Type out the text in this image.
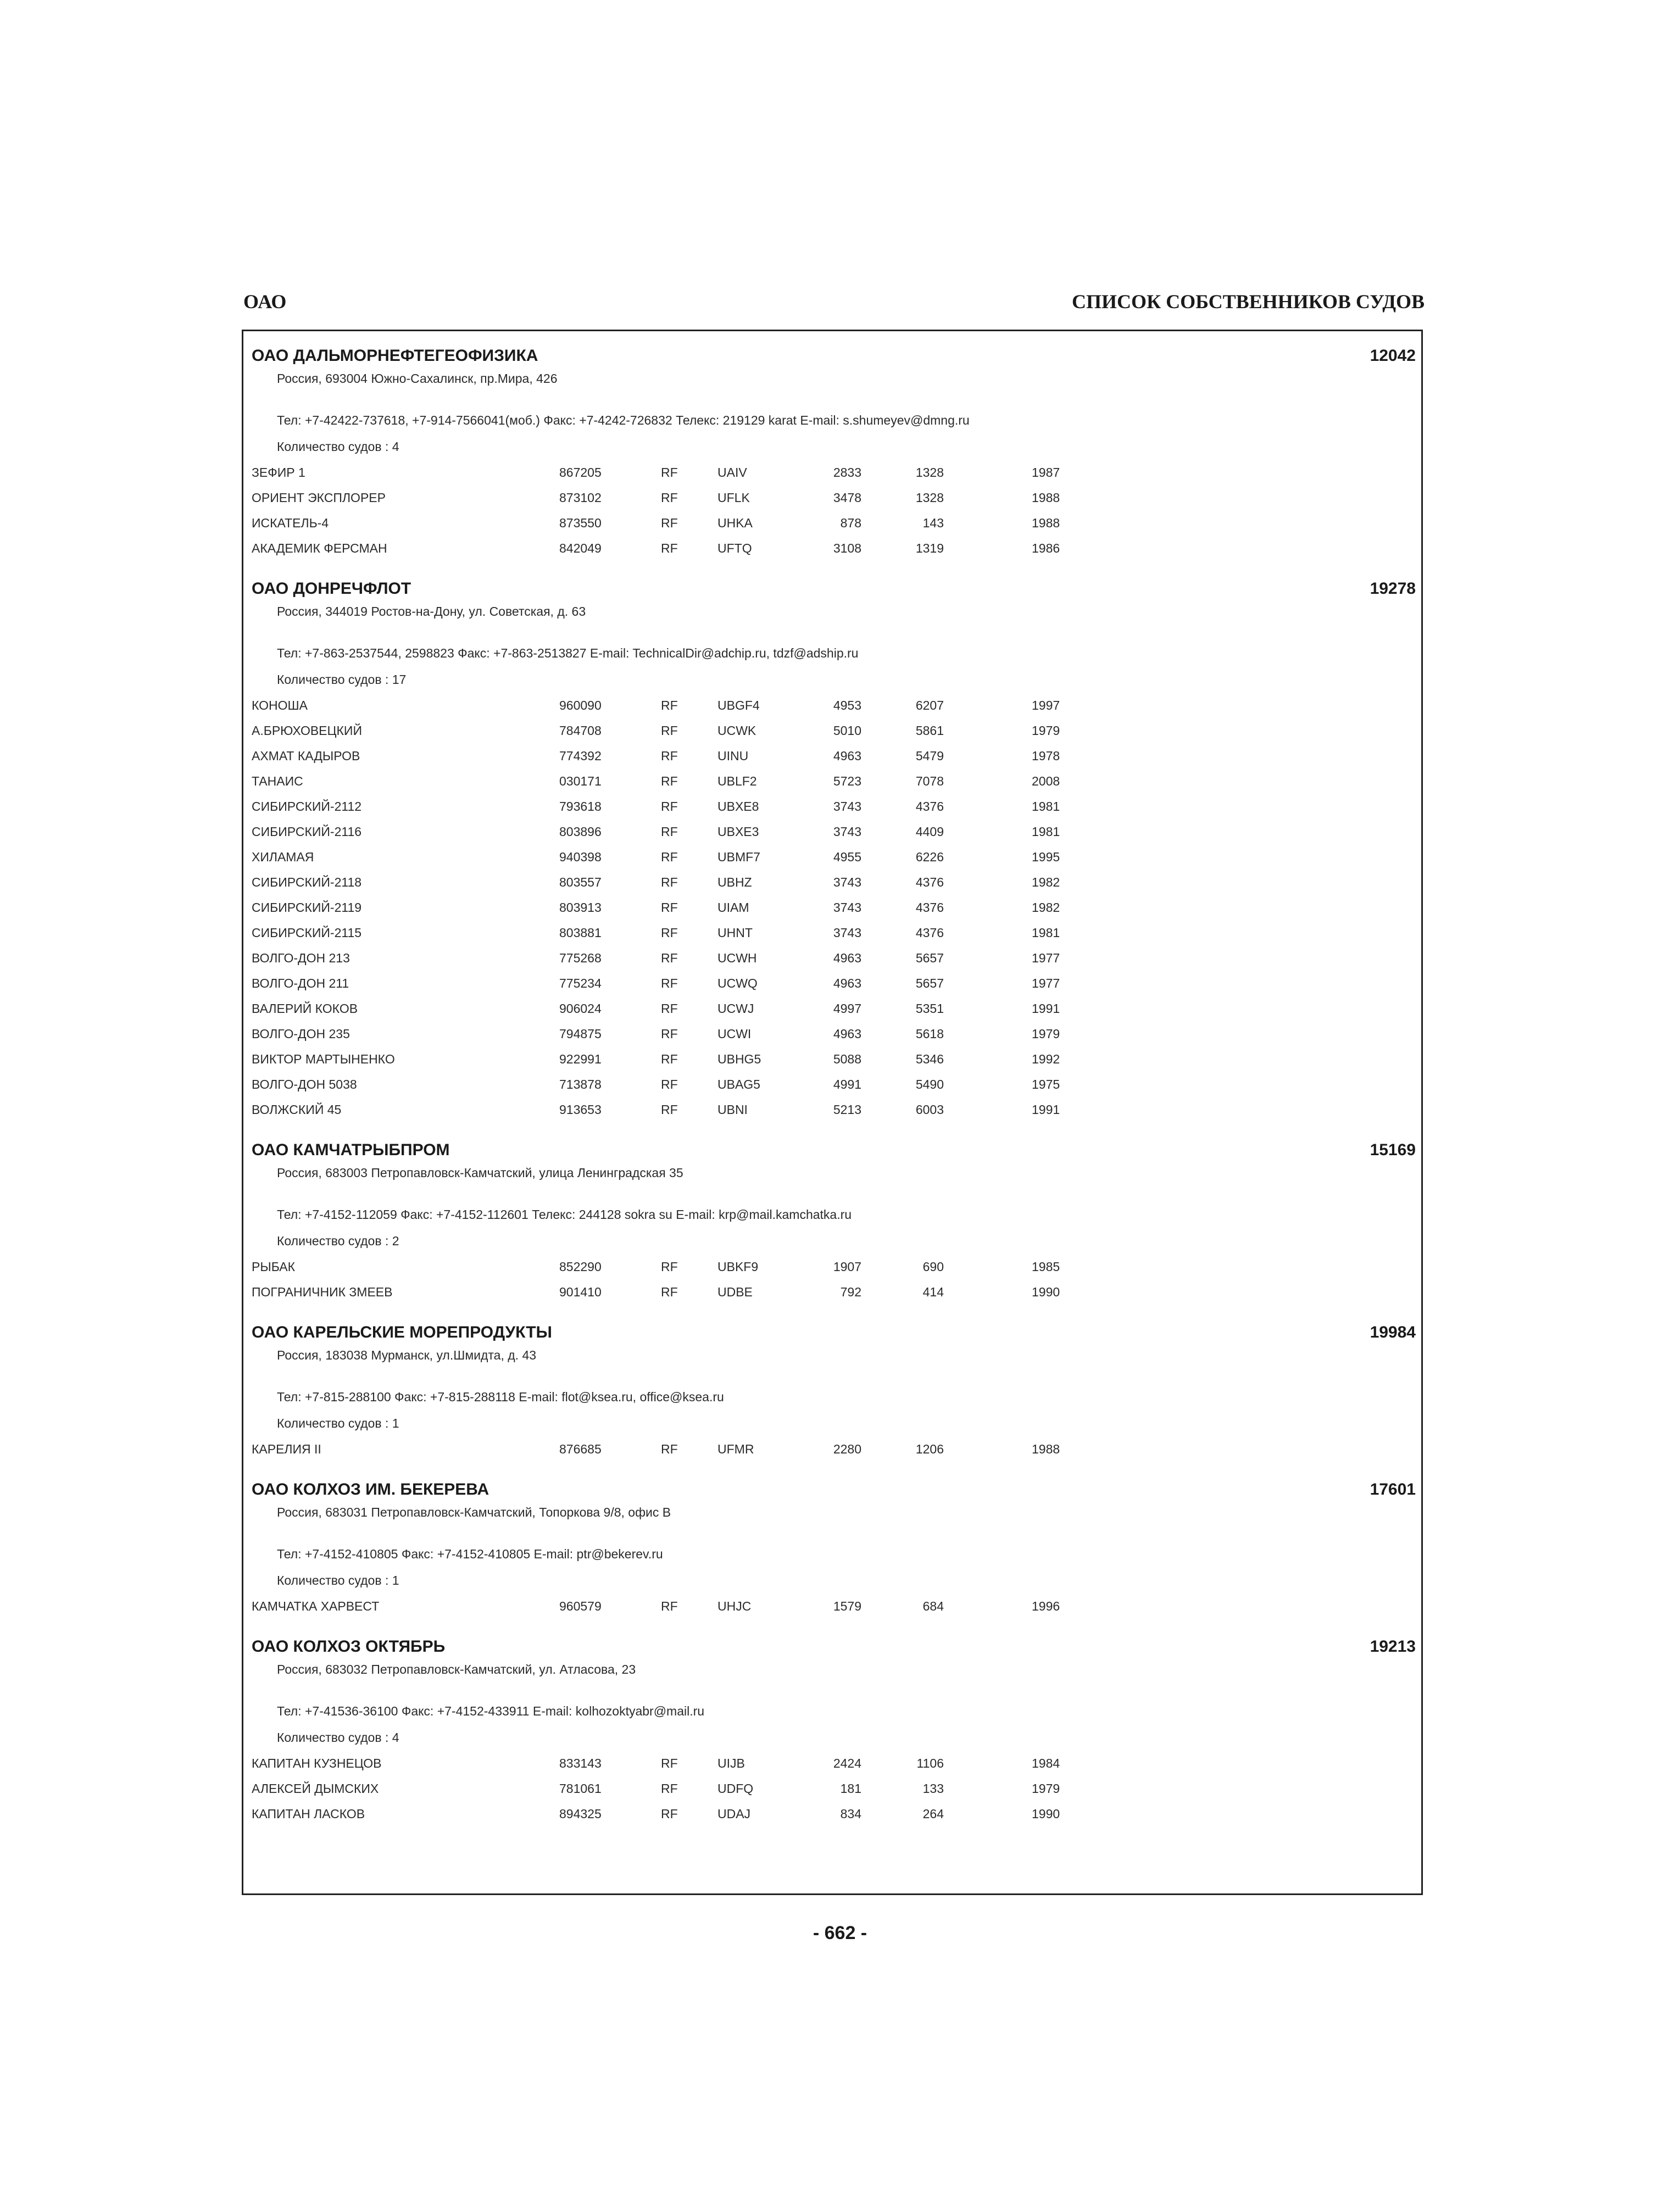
ОАО	СПИСОК СОБСТВЕННИКОВ СУДОВ
ОАО ДАЛЬМОРНЕФТЕГЕОФИЗИКА	12042
Россия, 693004 Южно-Сахалинск, пр.Мира, 426
Тел: +7-42422-737618, +7-914-7566041(моб.) Факс: +7-4242-726832 Телекс: 219129 karat E-mail: s.shumeyev@dmng.ru
Количество судов : 4
ЗЕФИР 1	867205	RF	UAIV	2833	1328	1987
ОРИЕНТ ЭКСПЛОРЕР	873102	RF	UFLK	3478	1328	1988
ИСКАТЕЛЬ-4	873550	RF	UHKA	878	143	1988
АКАДЕМИК ФЕРСМАН	842049	RF	UFTQ	3108	1319	1986
ОАО ДОНРЕЧФЛОТ	19278
Россия, 344019 Ростов-на-Дону, ул. Советская, д. 63
Тел: +7-863-2537544, 2598823 Факс: +7-863-2513827 E-mail: TechnicalDir@adchip.ru, tdzf@adship.ru
Количество судов : 17
КОНОША	960090	RF	UBGF4	4953	6207	1997
А.БРЮХОВЕЦКИЙ	784708	RF	UCWK	5010	5861	1979
АХМАТ КАДЫРОВ	774392	RF	UINU	4963	5479	1978
ТАНАИС	030171	RF	UBLF2	5723	7078	2008
СИБИРСКИЙ-2112	793618	RF	UBXE8	3743	4376	1981
СИБИРСКИЙ-2116	803896	RF	UBXE3	3743	4409	1981
ХИЛАМАЯ	940398	RF	UBMF7	4955	6226	1995
СИБИРСКИЙ-2118	803557	RF	UBHZ	3743	4376	1982
СИБИРСКИЙ-2119	803913	RF	UIAM	3743	4376	1982
СИБИРСКИЙ-2115	803881	RF	UHNT	3743	4376	1981
ВОЛГО-ДОН 213	775268	RF	UCWH	4963	5657	1977
ВОЛГО-ДОН 211	775234	RF	UCWQ	4963	5657	1977
ВАЛЕРИЙ КОКОВ	906024	RF	UCWJ	4997	5351	1991
ВОЛГО-ДОН 235	794875	RF	UCWI	4963	5618	1979
ВИКТОР МАРТЫНЕНКО	922991	RF	UBHG5	5088	5346	1992
ВОЛГО-ДОН 5038	713878	RF	UBAG5	4991	5490	1975
ВОЛЖСКИЙ 45	913653	RF	UBNI	5213	6003	1991
ОАО КАМЧАТРЫБПРОМ	15169
Россия, 683003 Петропавловск-Камчатский, улица Ленинградская 35
Тел: +7-4152-112059 Факс: +7-4152-112601 Телекс: 244128 sokra su E-mail: krp@mail.kamchatka.ru
Количество судов : 2
РЫБАК	852290	RF	UBKF9	1907	690	1985
ПОГРАНИЧНИК ЗМЕЕВ	901410	RF	UDBE	792	414	1990
ОАО КАРЕЛЬСКИЕ МОРЕПРОДУКТЫ	19984
Россия, 183038 Мурманск, ул.Шмидта, д. 43
Тел: +7-815-288100 Факс: +7-815-288118 E-mail: flot@ksea.ru, office@ksea.ru
Количество судов : 1
КАРЕЛИЯ II	876685	RF	UFMR	2280	1206	1988
ОАО КОЛХОЗ ИМ. БЕКЕРЕВА	17601
Россия, 683031 Петропавловск-Камчатский, Топоркова 9/8, офис В
Тел: +7-4152-410805 Факс: +7-4152-410805 E-mail: ptr@bekerev.ru
Количество судов : 1
КАМЧАТКА ХАРВЕСТ	960579	RF	UHJC	1579	684	1996
ОАО КОЛХОЗ ОКТЯБРЬ	19213
Россия, 683032 Петропавловск-Камчатский, ул. Атласова, 23
Тел: +7-41536-36100 Факс: +7-4152-433911 E-mail: kolhozoktyabr@mail.ru
Количество судов : 4
КАПИТАН КУЗНЕЦОВ	833143	RF	UIJB	2424	1106	1984
АЛЕКСЕЙ ДЫМСКИХ	781061	RF	UDFQ	181	133	1979
КАПИТАН ЛАСКОВ	894325	RF	UDAJ	834	264	1990
- 662 -
